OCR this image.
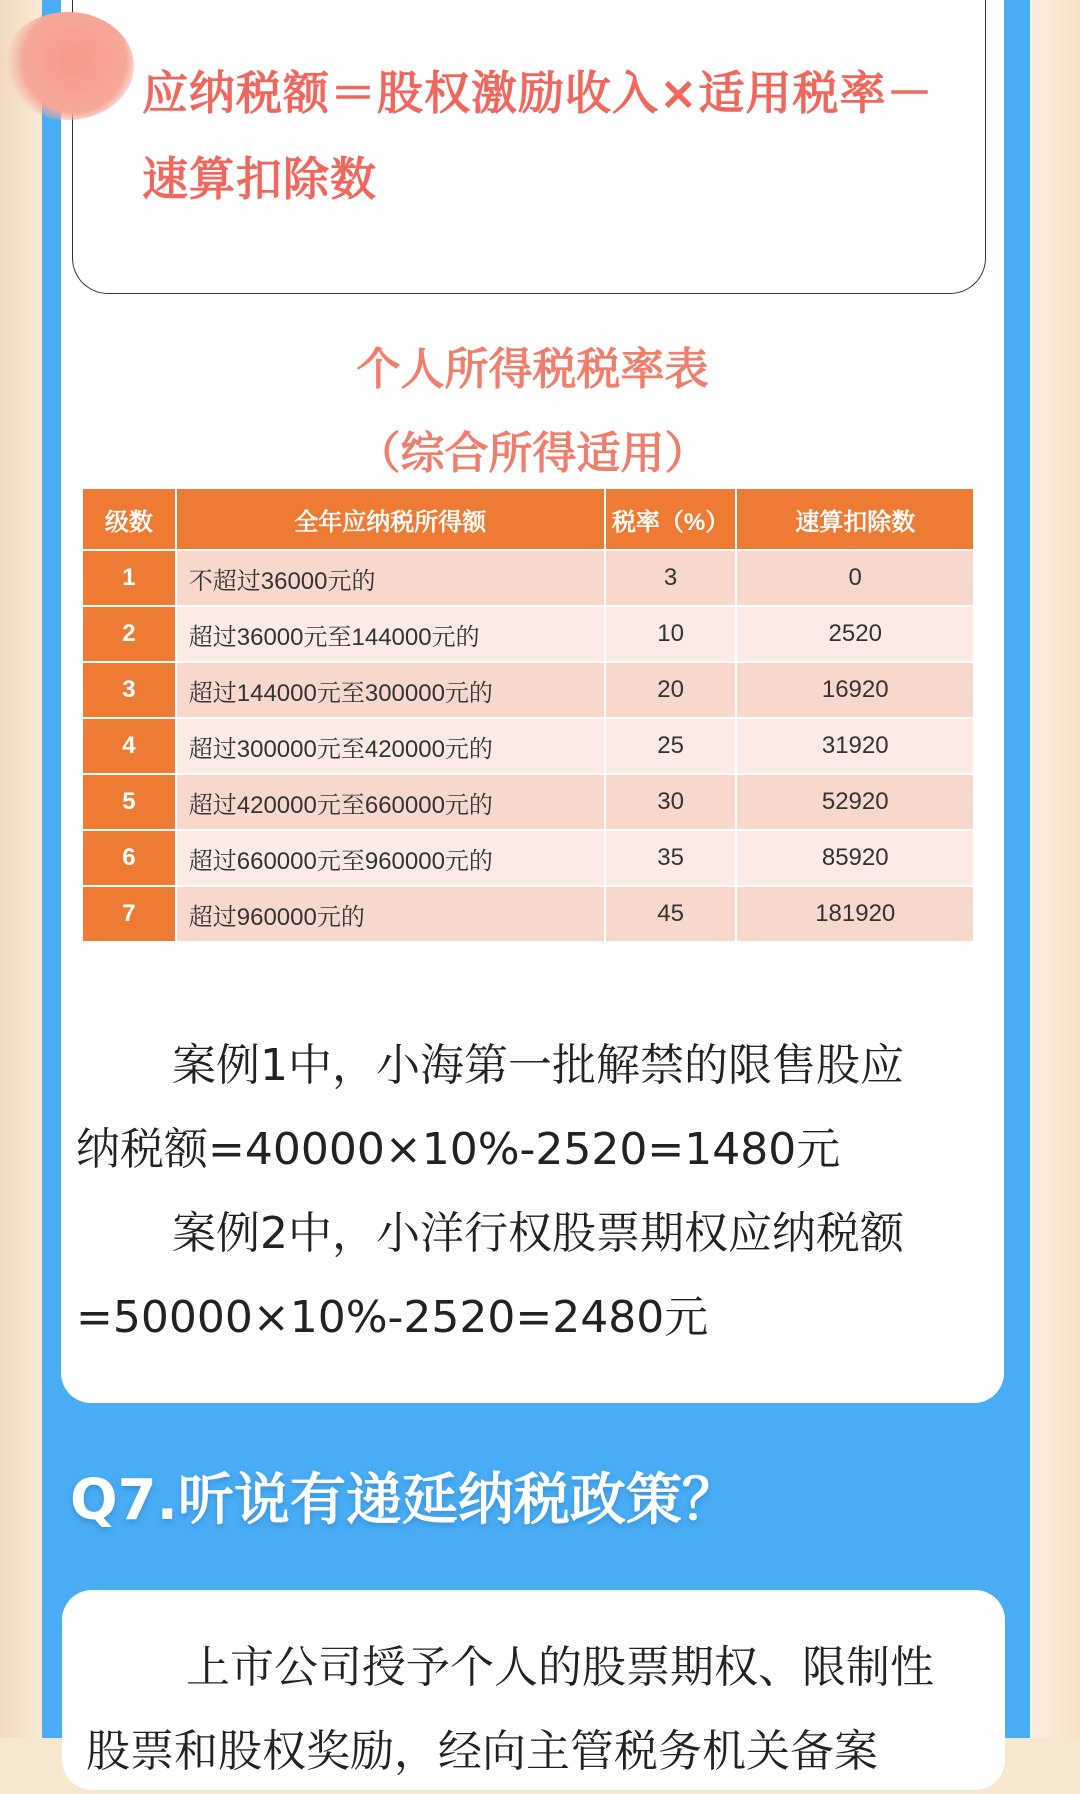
应纳税额＝股权激励收入×适用税率－
速算扣除数
个人所得税税率表
（综合所得适用）
级数	全年应纳税所得额	税率（%）	速算扣除数
1	不超过36000元的	3	0
2	超过36000元至144000元的	10	2520
3	超过144000元至300000元的	20	16920
4	超过300000元至420000元的	25	31920
5	超过420000元至660000元的	30	52920
6	超过660000元至960000元的	35	85920
7	超过960000元的	45	181920

案例1中，小海第一批解禁的限售股应

纳税额=40000×10%-2520=1480元

案例2中，小洋行权股票期权应纳税额

=50000×10%-2520=2480元

Q7.听说有递延纳税政策？

上市公司授予个人的股票期权、限制性

股票和股权奖励，经向主管税务机关备案
